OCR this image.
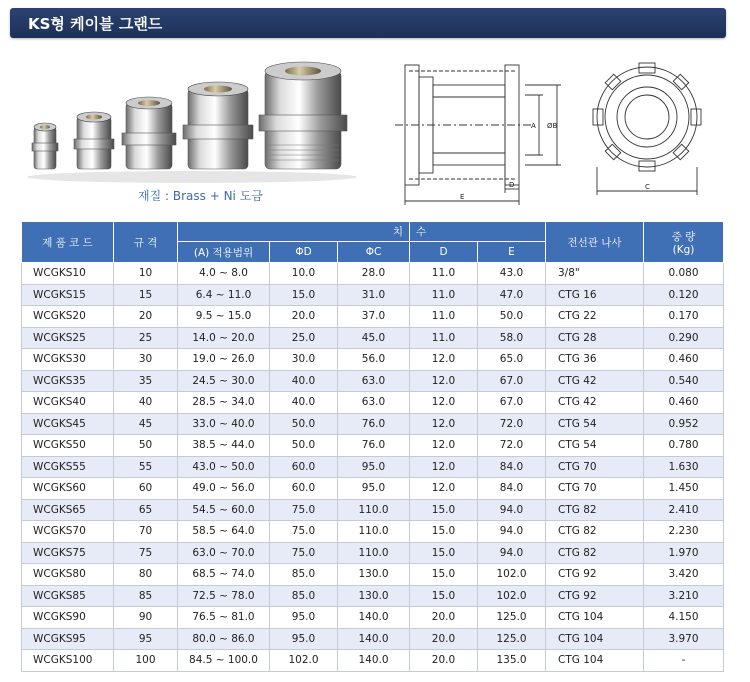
KS형 케이블 그랜드
재질 : Brass + Ni 도금	E
D
A ØB
C
제 품 코 드	규 격	치			수		전선관 나사	중 량
(Kg)

		(A) 적용범위	ΦD	ΦC	D	E		
WCGKS10	10	4.0 ~ 8.0	10.0	28.0	11.0	43.0	3/8"	0.080
WCGKS15	15	6.4 ~ 11.0	15.0	31.0	11.0	47.0	CTG 16	0.120
WCGKS20	20	9.5 ~ 15.0	20.0	37.0	11.0	50.0	CTG 22	0.170
WCGKS25	25	14.0 ~ 20.0	25.0	45.0	11.0	58.0	CTG 28	0.290
WCGKS30	30	19.0 ~ 26.0	30.0	56.0	12.0	65.0	CTG 36	0.460
WCGKS35	35	24.5 ~ 30.0	40.0	63.0	12.0	67.0	CTG 42	0.540
WCGKS40	40	28.5 ~ 34.0	40.0	63.0	12.0	67.0	CTG 42	0.460
WCGKS45	45	33.0 ~ 40.0	50.0	76.0	12.0	72.0	CTG 54	0.952
WCGKS50	50	38.5 ~ 44.0	50.0	76.0	12.0	72.0	CTG 54	0.780
WCGKS55	55	43.0 ~ 50.0	60.0	95.0	12.0	84.0	CTG 70	1.630
WCGKS60	60	49.0 ~ 56.0	60.0	95.0	12.0	84.0	CTG 70	1.450
WCGKS65	65	54.5 ~ 60.0	75.0	110.0	15.0	94.0	CTG 82	2.410
WCGKS70	70	58.5 ~ 64.0	75.0	110.0	15.0	94.0	CTG 82	2.230
WCGKS75	75	63.0 ~ 70.0	75.0	110.0	15.0	94.0	CTG 82	1.970
WCGKS80	80	68.5 ~ 74.0	85.0	130.0	15.0	102.0	CTG 92	3.420
WCGKS85	85	72.5 ~ 78.0	85.0	130.0	15.0	102.0	CTG 92	3.210
WCGKS90	90	76.5 ~ 81.0	95.0	140.0	20.0	125.0	CTG 104	4.150
WCGKS95	95	80.0 ~ 86.0	95.0	140.0	20.0	125.0	CTG 104	3.970
WCGKS100	100	84.5 ~ 100.0	102.0	140.0	20.0	135.0	CTG 104	-
